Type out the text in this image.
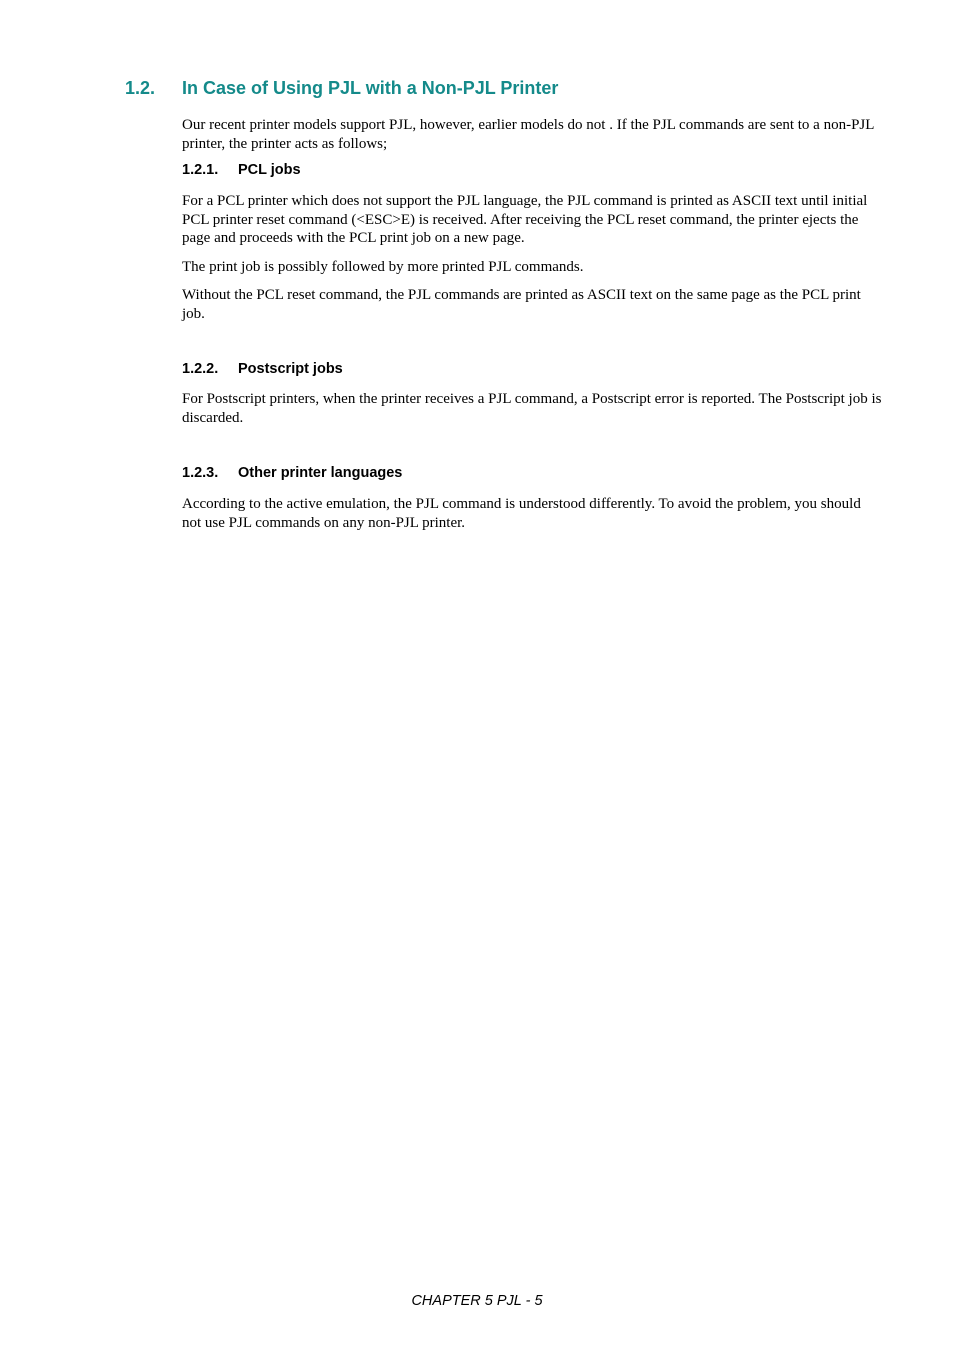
1.2. In Case of Using PJL with a Non-PJL Printer
Our recent printer models support PJL, however, earlier models do not . If the PJL commands are sent to a non-PJL printer, the printer acts as follows;
1.2.1. PCL jobs
For a PCL printer which does not support the PJL language, the PJL command is printed as ASCII text until initial PCL printer reset command (<ESC>E) is received. After receiving the PCL reset command, the printer ejects the page and proceeds with the PCL print job on a new page.
The print job is possibly followed by more printed PJL commands.
Without the PCL reset command, the PJL commands are printed as ASCII text on the same page as the PCL print job.
1.2.2. Postscript jobs
For Postscript printers, when the printer receives a PJL command, a Postscript error is reported. The Postscript job is discarded.
1.2.3. Other printer languages
According to the active emulation, the PJL command is understood differently. To avoid the problem, you should not use PJL commands on any non-PJL printer.
CHAPTER 5 PJL - 5
